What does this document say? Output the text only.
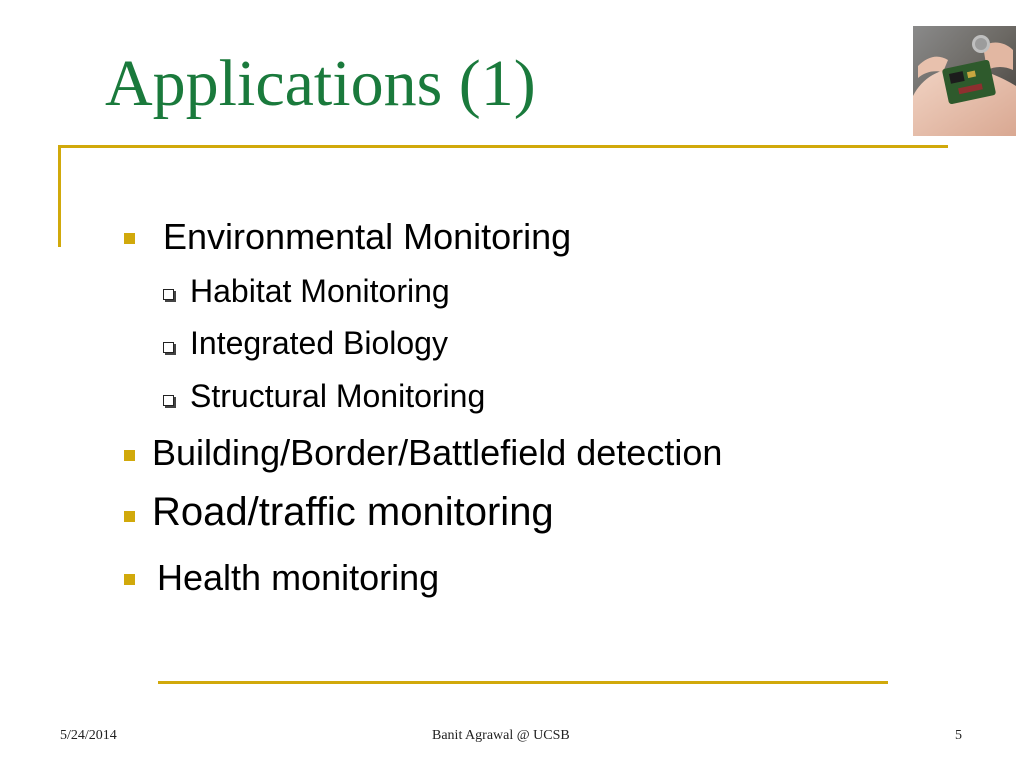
Applications (1)
Environmental Monitoring
Habitat Monitoring
Integrated Biology
Structural Monitoring
Building/Border/Battlefield detection
Road/traffic monitoring
Health monitoring
5/24/2014	Banit Agrawal @ UCSB	5
